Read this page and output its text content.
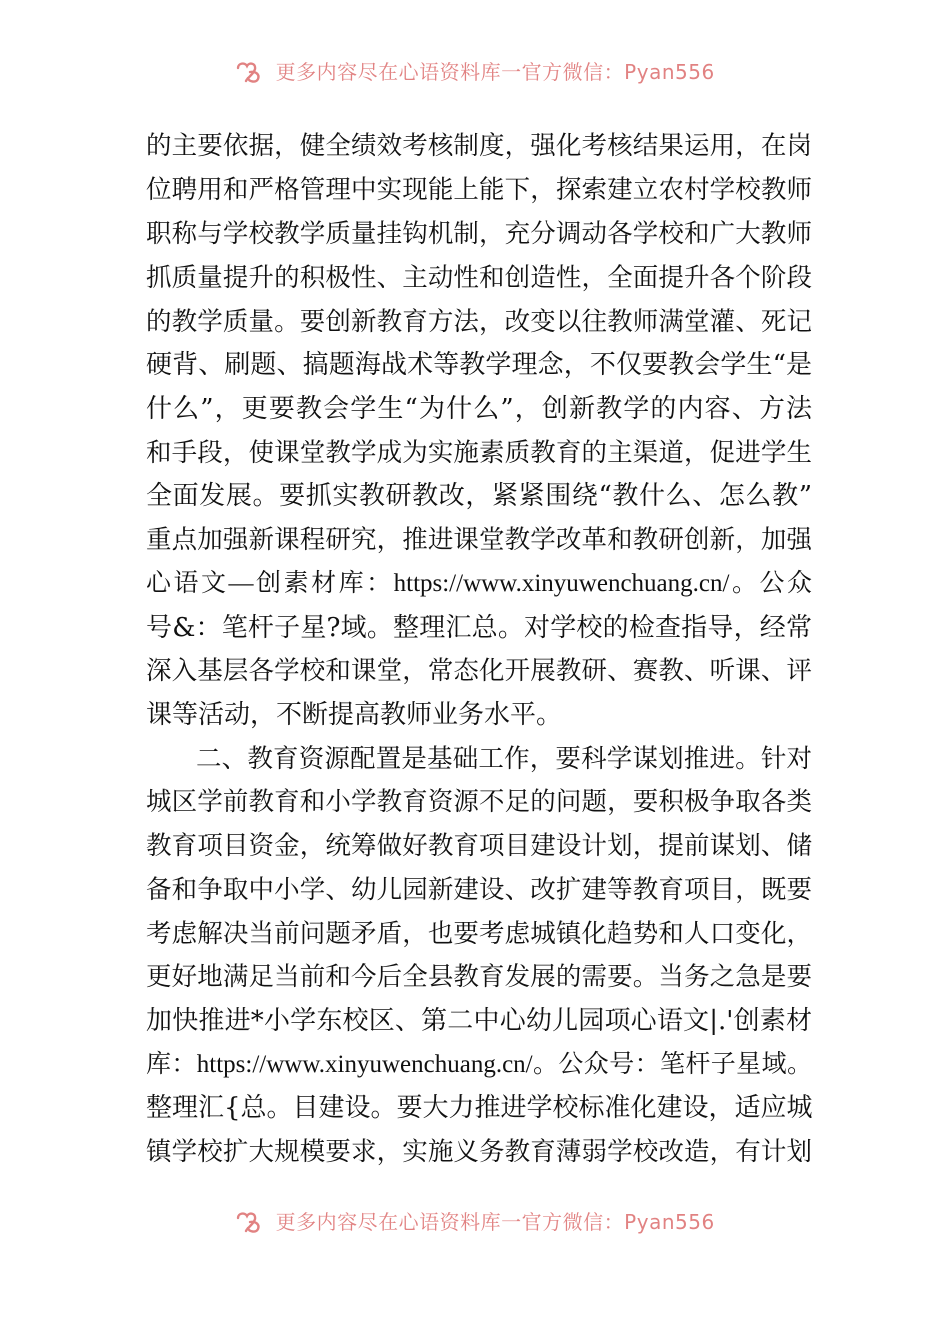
更多内容尽在心语资料库一官方微信：Pyan556
的主要依据，健全绩效考核制度，强化考核结果运用，在岗
位聘用和严格管理中实现能上能下，探索建立农村学校教师
职称与学校教学质量挂钩机制，充分调动各学校和广大教师
抓质量提升的积极性、主动性和创造性，全面提升各个阶段
的教学质量。要创新教育方法，改变以往教师满堂灌、死记
硬背、刷题、搞题海战术等教学理念，不仅要教会学生“是
什么”，更要教会学生“为什么”，创新教学的内容、方法
和手段，使课堂教学成为实施素质教育的主渠道，促进学生
全面发展。要抓实教研教改，紧紧围绕“教什么、怎么教”
重点加强新课程研究，推进课堂教学改革和教研创新，加强
心语文—创素材库：https://www.xinyuwenchuang.cn/。公众
号&：笔杆子星?域。整理汇总。对学校的检查指导，经常
深入基层各学校和课堂，常态化开展教研、赛教、听课、评
课等活动，不断提高教师业务水平。
二、教育资源配置是基础工作，要科学谋划推进。针对
城区学前教育和小学教育资源不足的问题，要积极争取各类
教育项目资金，统筹做好教育项目建设计划，提前谋划、储
备和争取中小学、幼儿园新建设、改扩建等教育项目，既要
考虑解决当前问题矛盾，也要考虑城镇化趋势和人口变化，
更好地满足当前和今后全县教育发展的需要。当务之急是要
加快推进*小学东校区、第二中心幼儿园项心语文|.'创素材
库：https://www.xinyuwenchuang.cn/。公众号：笔杆子星域。
整理汇{总。目建设。要大力推进学校标准化建设，适应城
镇学校扩大规模要求，实施义务教育薄弱学校改造，有计划
更多内容尽在心语资料库一官方微信：Pyan556
